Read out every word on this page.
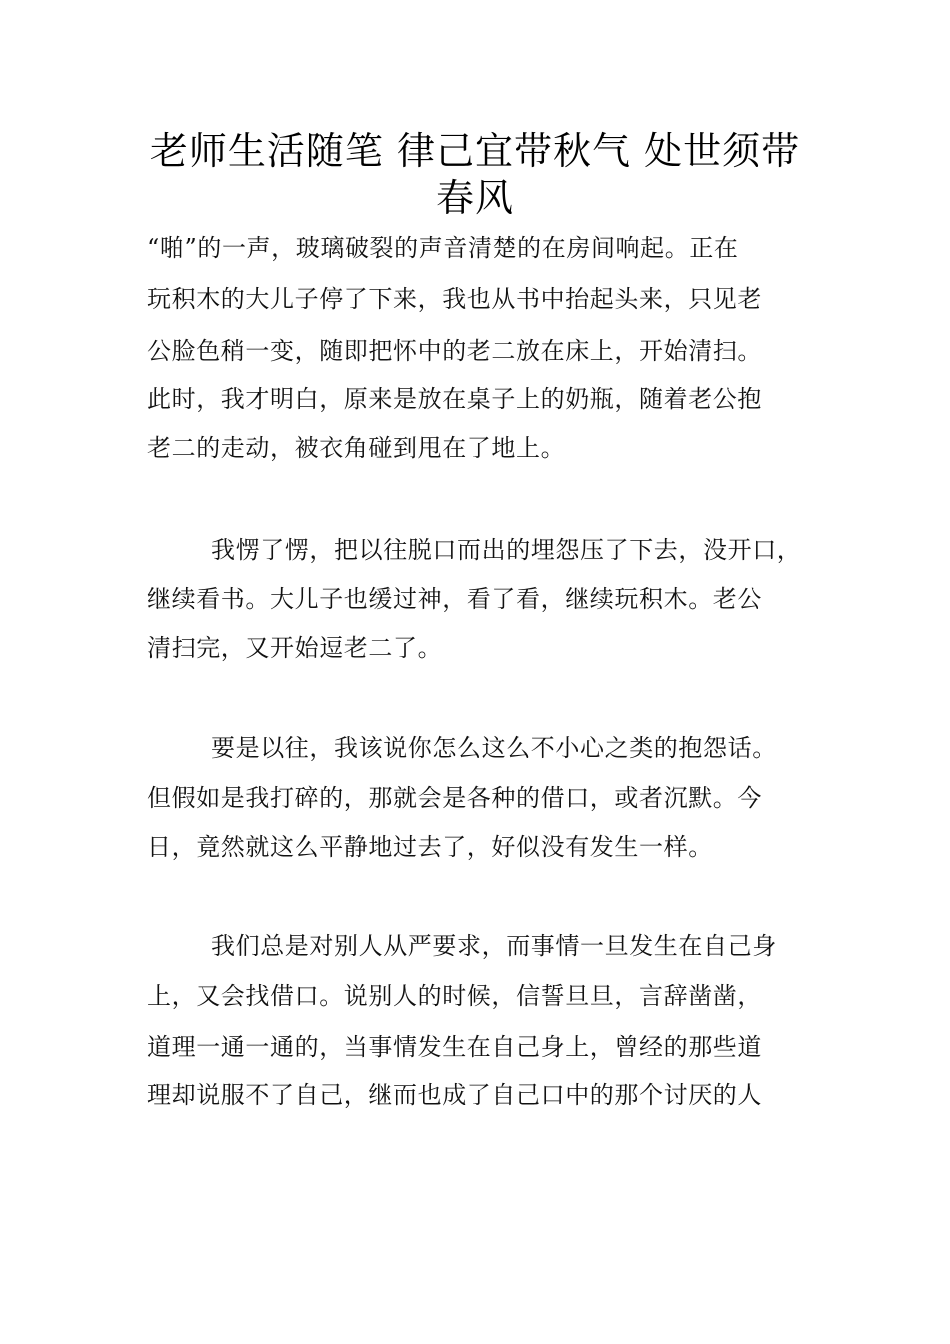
老师生活随笔 律己宜带秋气 处世须带
春风

“啪”的一声，玻璃破裂的声音清楚的在房间响起。正在

玩积木的大儿子停了下来，我也从书中抬起头来，只见老

公脸色稍一变，随即把怀中的老二放在床上，开始清扫。

此时，我才明白，原来是放在桌子上的奶瓶，随着老公抱

老二的走动，被衣角碰到甩在了地上。

我愣了愣，把以往脱口而出的埋怨压了下去，没开口，

继续看书。大儿子也缓过神，看了看，继续玩积木。老公

清扫完，又开始逗老二了。

要是以往，我该说你怎么这么不小心之类的抱怨话。

但假如是我打碎的，那就会是各种的借口，或者沉默。今

日，竟然就这么平静地过去了，好似没有发生一样。

我们总是对别人从严要求，而事情一旦发生在自己身

上，又会找借口。说别人的时候，信誓旦旦，言辞凿凿，

道理一通一通的，当事情发生在自己身上，曾经的那些道

理却说服不了自己，继而也成了自己口中的那个讨厌的人
